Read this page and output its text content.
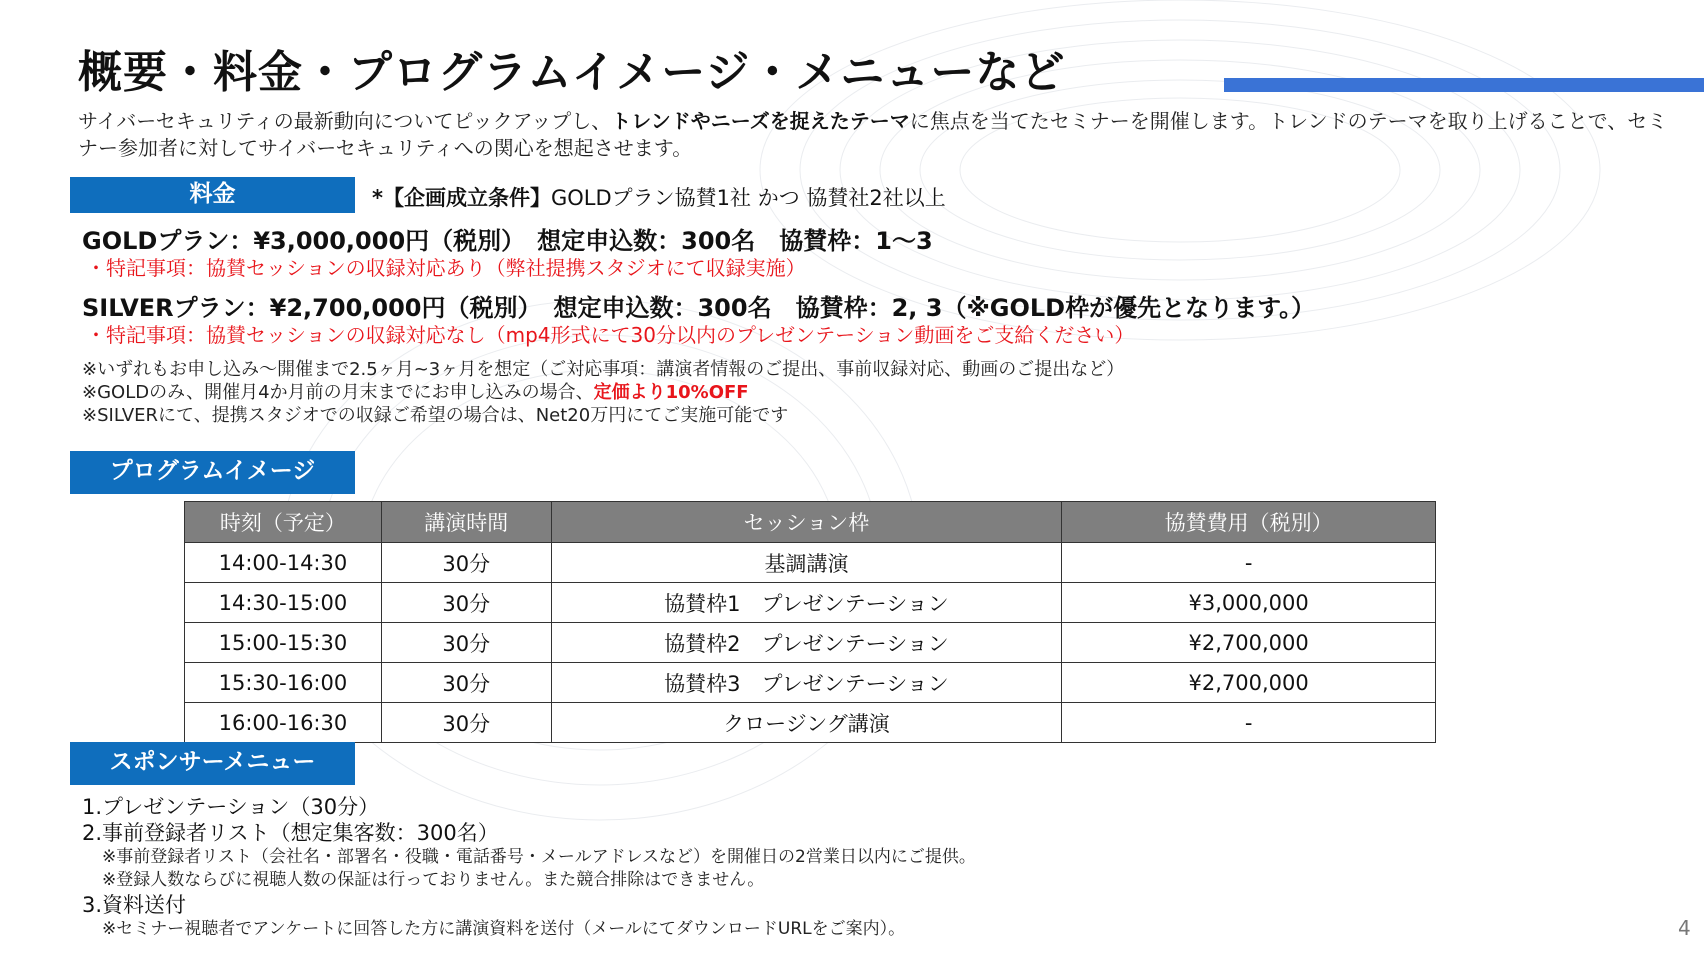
概要・料金・プログラムイメージ・メニューなど
サイバーセキュリティの最新動向についてピックアップし、トレンドやニーズを捉えたテーマに焦点を当てたセミナーを開催します。トレンドのテーマを取り上げることで、セミナー参加者に対してサイバーセキュリティへの関心を想起させます。
料金	*【企画成立条件】GOLDプラン協賛1社 かつ 協賛社2社以上
GOLDプラン：¥3,000,000円（税別）　想定申込数：300名　協賛枠：1～3
・特記事項：協賛セッションの収録対応あり（弊社提携スタジオにて収録実施）
SILVERプラン：¥2,700,000円（税別）　想定申込数：300名　協賛枠：2, 3（※GOLD枠が優先となります。）
・特記事項：協賛セッションの収録対応なし（mp4形式にて30分以内のプレゼンテーション動画をご支給ください）
※いずれもお申し込み～開催まで2.5ヶ月~3ヶ月を想定（ご対応事項：講演者情報のご提出、事前収録対応、動画のご提出など）
※GOLDのみ、開催月4か月前の月末までにお申し込みの場合、定価より10%OFF
※SILVERにて、提携スタジオでの収録ご希望の場合は、Net20万円にてご実施可能です
プログラムイメージ
時刻（予定）	講演時間	セッション枠	協賛費用（税別）
14:00-14:30	30分	基調講演	-
14:30-15:00	30分	協賛枠1　プレゼンテーション	¥3,000,000
15:00-15:30	30分	協賛枠2　プレゼンテーション	¥2,700,000
15:30-16:00	30分	協賛枠3　プレゼンテーション	¥2,700,000
16:00-16:30	30分	クロージング講演	-
スポンサーメニュー
1.プレゼンテーション（30分）
2.事前登録者リスト（想定集客数：300名）
※事前登録者リスト（会社名・部署名・役職・電話番号・メールアドレスなど）を開催日の2営業日以内にご提供。
※登録人数ならびに視聴人数の保証は行っておりません。また競合排除はできません。
3.資料送付
※セミナー視聴者でアンケートに回答した方に講演資料を送付（メールにてダウンロードURLをご案内）。	4
